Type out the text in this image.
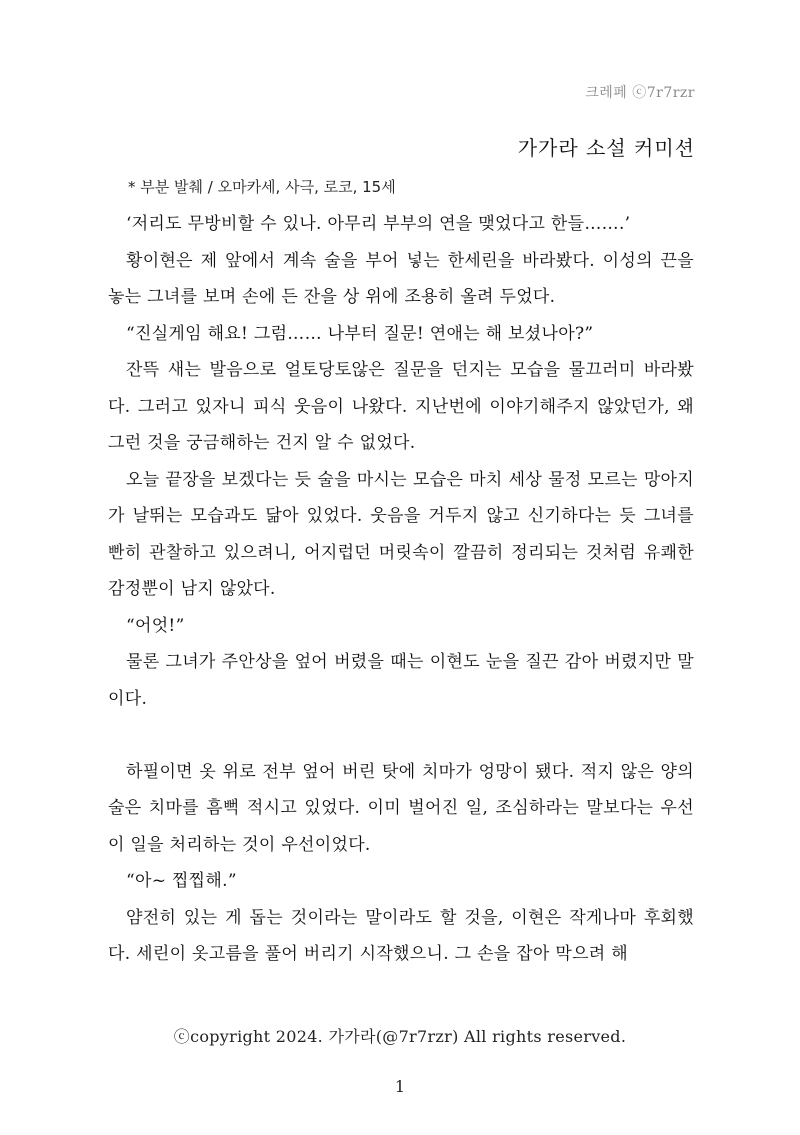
크레페 ⓒ7r7rzr
가가라 소설 커미션
* 부분 발췌 / 오마카세, 사극, 로코, 15세

‘저리도 무방비할 수 있나. 아무리 부부의 연을 맺었다고 한들…….’

황이현은 제 앞에서 계속 술을 부어 넣는 한세린을 바라봤다. 이성의 끈을 놓는 그녀를 보며 손에 든 잔을 상 위에 조용히 올려 두었다.

“진실게임 해요! 그럼…… 나부터 질문! 연애는 해 보셨나아?”

잔뜩 새는 발음으로 얼토당토않은 질문을 던지는 모습을 물끄러미 바라봤다. 그러고 있자니 피식 웃음이 나왔다. 지난번에 이야기해주지 않았던가, 왜 그런 것을 궁금해하는 건지 알 수 없었다.

오늘 끝장을 보겠다는 듯 술을 마시는 모습은 마치 세상 물정 모르는 망아지가 날뛰는 모습과도 닮아 있었다. 웃음을 거두지 않고 신기하다는 듯 그녀를 빤히 관찰하고 있으려니, 어지럽던 머릿속이 깔끔히 정리되는 것처럼 유쾌한 감정뿐이 남지 않았다.

“어엇!”

물론 그녀가 주안상을 엎어 버렸을 때는 이현도 눈을 질끈 감아 버렸지만 말이다.

하필이면 옷 위로 전부 엎어 버린 탓에 치마가 엉망이 됐다. 적지 않은 양의 술은 치마를 흠뻑 적시고 있었다. 이미 벌어진 일, 조심하라는 말보다는 우선 이 일을 처리하는 것이 우선이었다.

“아~ 찝찝해.”

얌전히 있는 게 돕는 것이라는 말이라도 할 것을, 이현은 작게나마 후회했다. 세린이 옷고름을 풀어 버리기 시작했으니. 그 손을 잡아 막으려 해

ⓒcopyright 2024. 가가라(@7r7rzr) All rights reserved.
1
